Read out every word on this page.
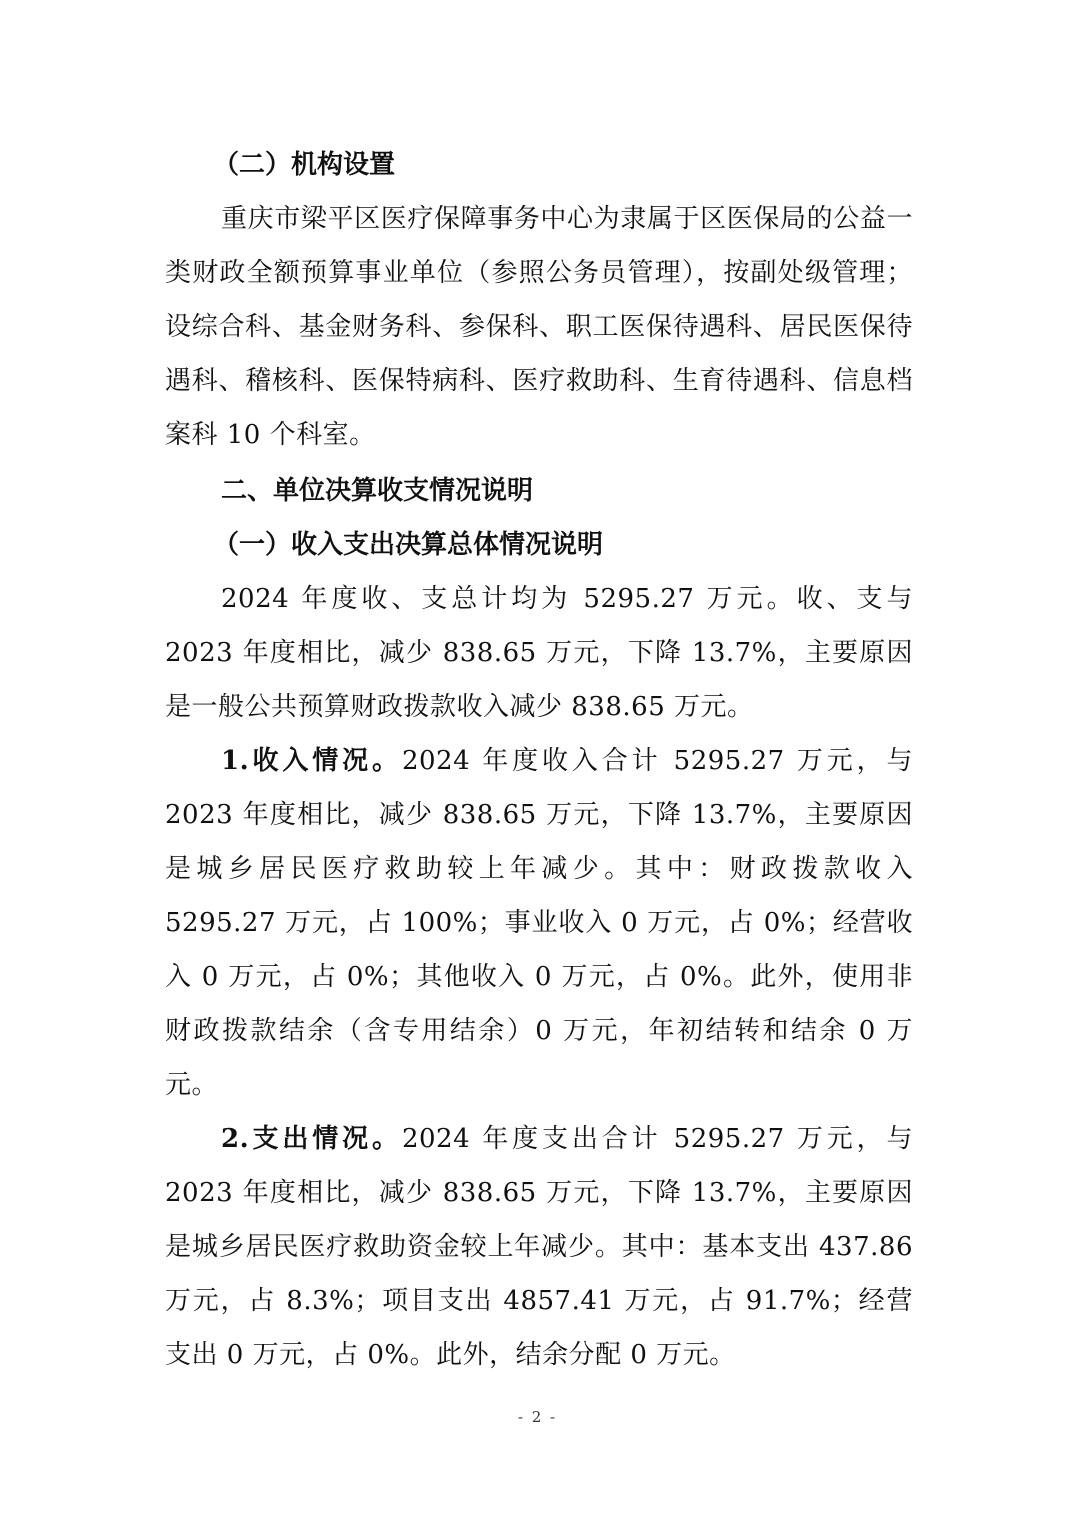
（二）机构设置

重庆市梁平区医疗保障事务中心为隶属于区医保局的公益一类财政全额预算事业单位（参照公务员管理），按副处级管理；设综合科、基金财务科、参保科、职工医保待遇科、居民医保待遇科、稽核科、医保特病科、医疗救助科、生育待遇科、信息档案科 10 个科室。

二、单位决算收支情况说明

（一）收入支出决算总体情况说明

2024 年度收、支总计均为 5295.27 万元。收、支与 2023 年度相比，减少 838.65 万元，下降 13.7%，主要原因是一般公共预算财政拨款收入减少 838.65 万元。

1.收入情况。2024 年度收入合计 5295.27 万元，与 2023 年度相比，减少 838.65 万元，下降 13.7%，主要原因是城乡居民医疗救助较上年减少。其中：财政拨款收入 5295.27 万元，占 100%；事业收入 0 万元，占 0%；经营收入 0 万元，占 0%；其他收入 0 万元，占 0%。此外，使用非财政拨款结余（含专用结余）0 万元，年初结转和结余 0 万元。

2.支出情况。2024 年度支出合计 5295.27 万元，与 2023 年度相比，减少 838.65 万元，下降 13.7%，主要原因是城乡居民医疗救助资金较上年减少。其中：基本支出 437.86 万元，占 8.3%；项目支出 4857.41 万元，占 91.7%；经营支出 0 万元，占 0%。此外，结余分配 0 万元。

- 2 -
